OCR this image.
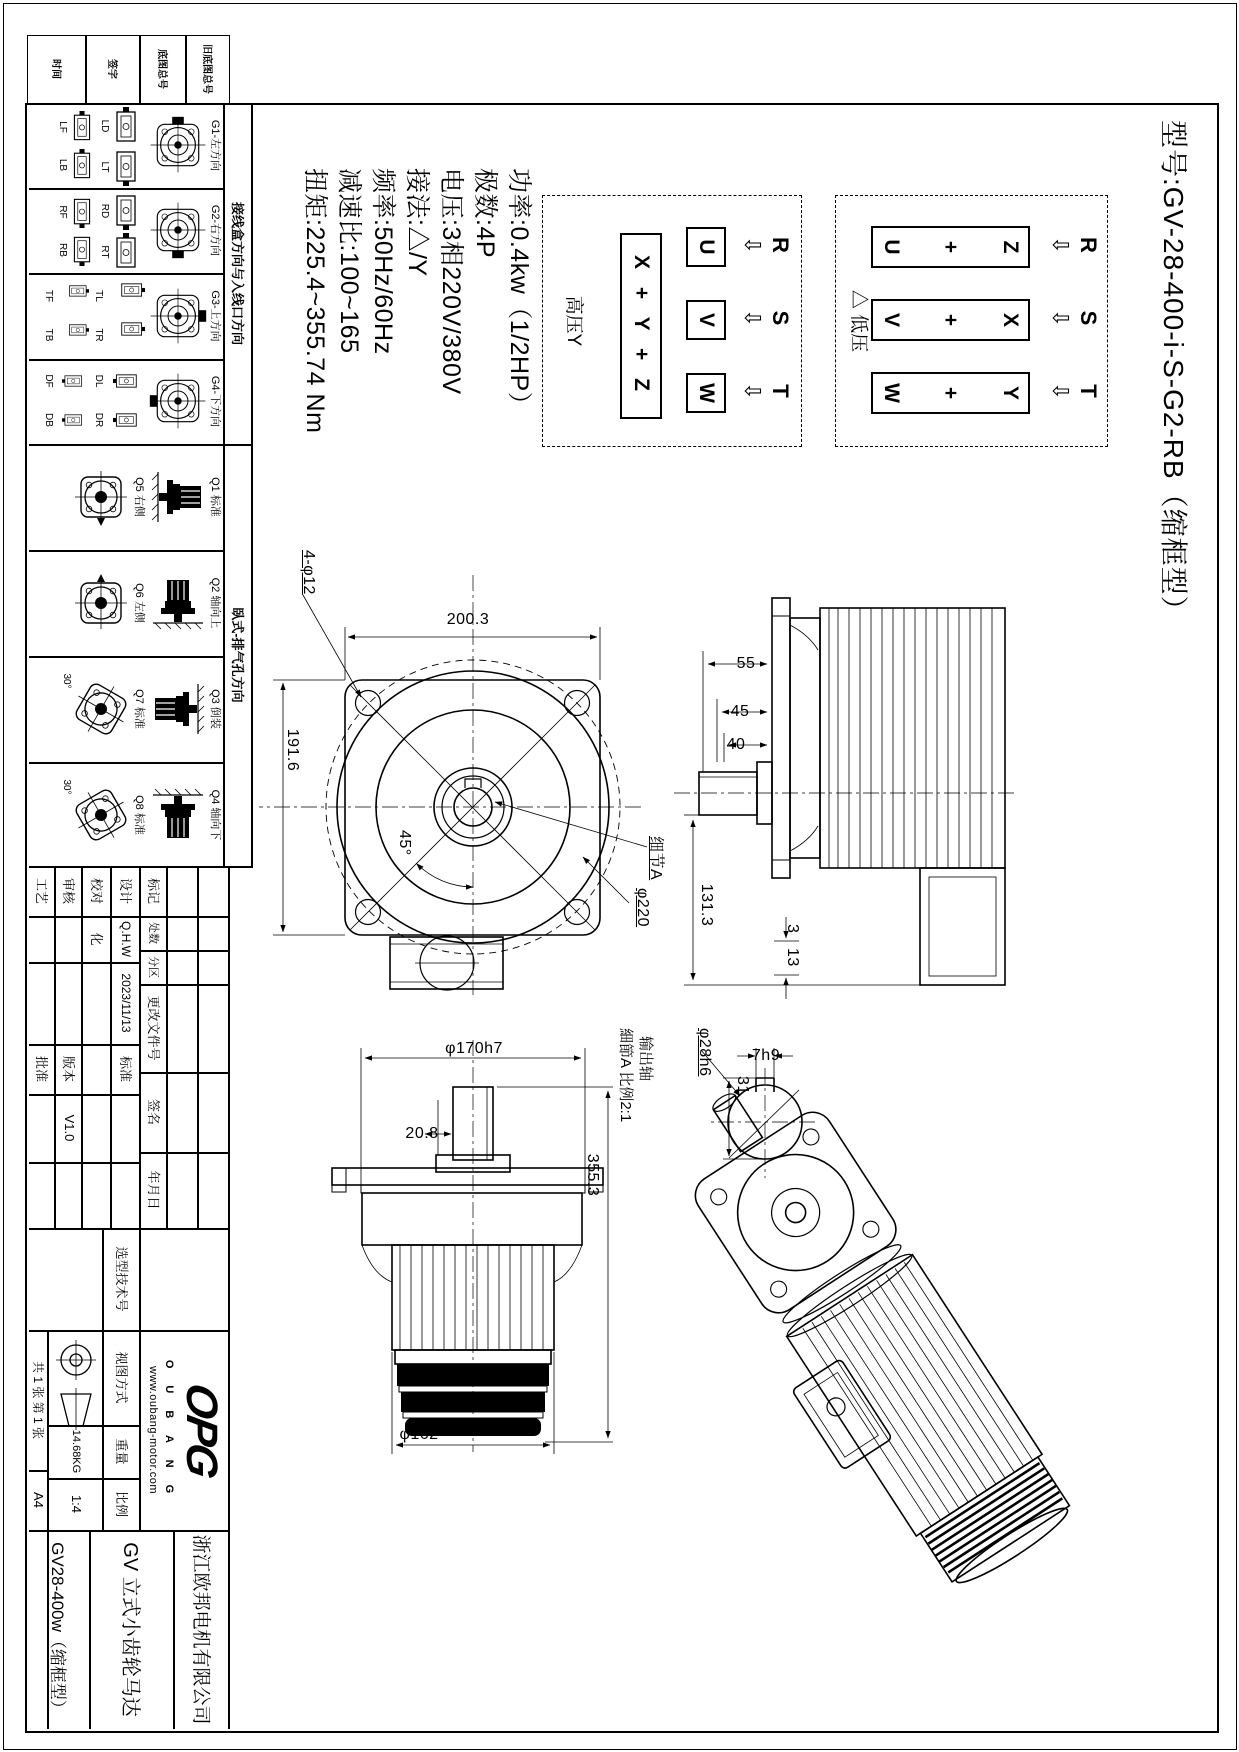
型号:GV-28-400-i-S-G2-RB（缩框型）
R
S
T
⇩
⇩
⇩
Z
+
U
X
+
V
Y
+
W
△ 低压
R
S
T
⇩
⇩
⇩
U
V
W
X + Y + Z
高压Y
功率:0.4kw（1/2HP）
极数:4P
电压:3相220V/380V
接法:△/Y
频率:50Hz/60Hz
减速比:100~165
扭矩:225.4~355.74 Nm
200.3
191.6
4-φ12
45°	细节A
φ220
55
45
40
131.3
3
13
φ170h7
20.8
355.3
φ162
φ28h6	7h9
31
输出轴
細節A 比例2:1
接线盒方向与入线口方向
臥式-排气孔方向
G1-左方向
LD
LT
LF
LB
G2-右方向
RD
RT
RF
RB
G3-上方向
TL
TR
TF
TB
G4-下方向
DL
DR
DF
DB
Q1 标准
Q5 右侧
Q2 轴向上
Q6 左侧
Q3 倒装
Q7 标准
30°
Q4 轴向下
Q8 标准
30°
旧底图总号
底图总号
签字
时间
标记
处数
分区
更改文件号
签名
年月日
设计
Q.H.W
2023/11/13
标准
校对
化
审核
版本
V1.0
工艺
批准
选型技术号
视图方式
重量
比例
14.68KG
1:4
共 1 张 第 1 张
A4
OPG
O U B A N G
www.oubang-motor.com
浙江欧邦电机有限公司
GV 立式小齿轮马达
GV28-400w（缩框型）
